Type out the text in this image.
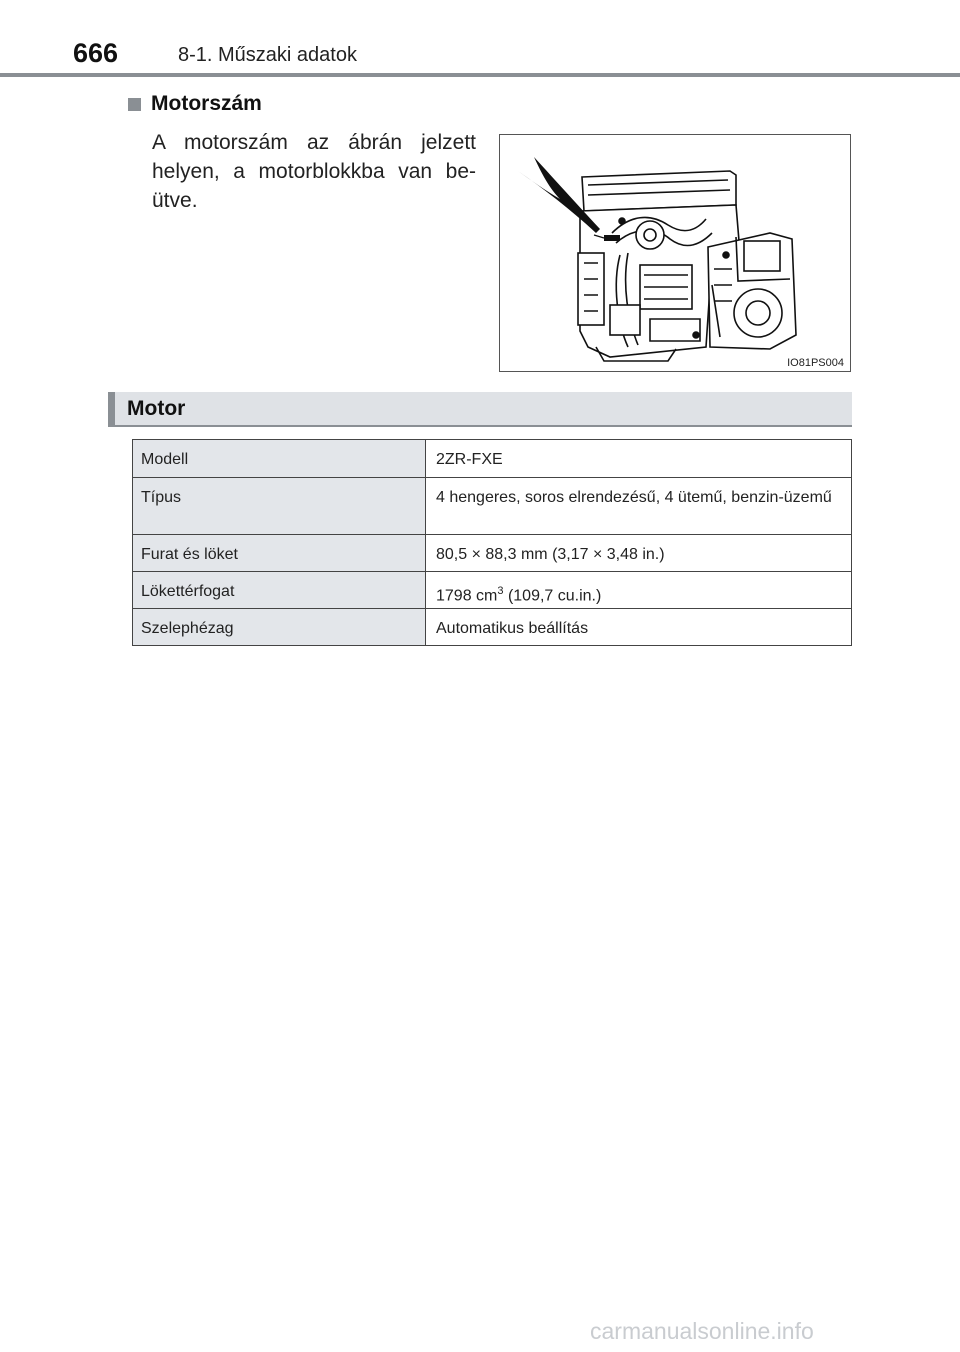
666	8-1. Műszaki adatok
Motorszám
A motorszám az ábrán jelzett helyen, a motorblokkba van be-ütve.
IO81PS004
Motor
Modell	2ZR-FXE
Típus	4 hengeres, soros elrendezésű, 4 ütemű, benzin-üzemű
Furat és löket	80,5 × 88,3 mm (3,17 × 3,48 in.)
Lökettérfogat	1798 $cm^3$ (109,7 cu.in.)
Szelephézag	Automatikus beállítás
carmanualsonline.info
